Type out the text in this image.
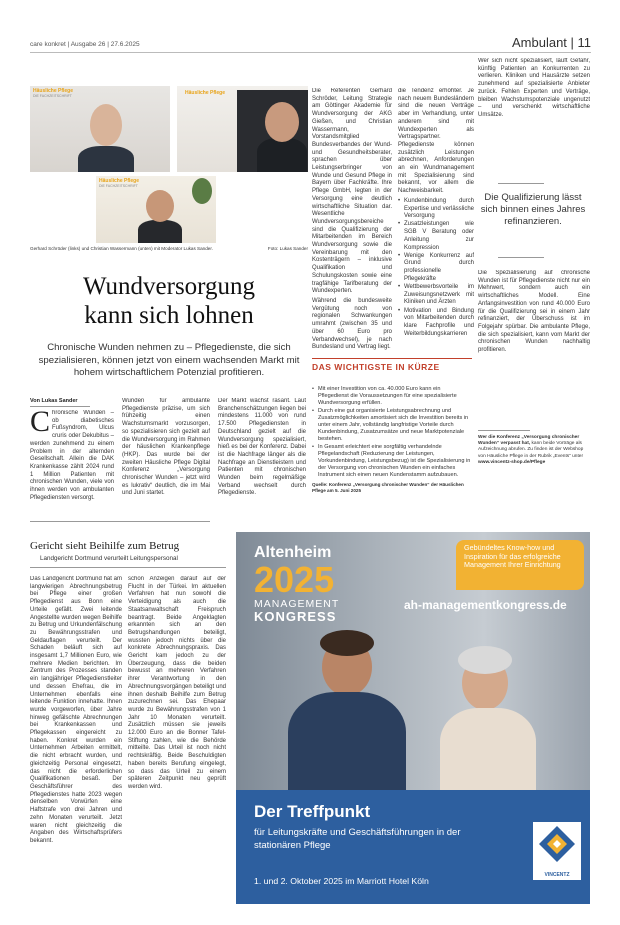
care konkret | Ausgabe 26 | 27.6.2025	Ambulant | 11
Häusliche Pflege
DIE FACHZEITSCHRIFT	Häusliche Pflege
Häusliche Pflege
DIE FACHZEITSCHRIFT
Gerhard Schröder (links) und Christian Wassermann (unten) mit Moderator Lukas Sander.	Foto: Lukas Sander
Wundversorgung
kann sich lohnen
Chronische Wunden nehmen zu – Pflegedienste, die sich spezialisieren, können jetzt von einem wachsenden Markt mit hohem wirtschaftlichem Potenzial profitieren.
Von Lukas Sander
C hronische Wunden – ob diabetisches Fußsyndrom, Ulcus cruris oder Dekubitus – werden zunehmend zu einem Problem in der alternden Gesellschaft. Allein die DAK Krankenkasse zählt 2024 rund 1 Million Patienten mit chronischen Wunden, viele von ihnen werden von ambulanten Pflegediensten versorgt.
Wunden für ambulante Pflegedienste präzise, um sich frühzeitig einen Wachstumsmarkt vorzusorgen, so spezialisieren sich gezielt auf die Wundversorgung im Rahmen der häuslichen Krankenpflege (HKP). Das wurde bei der zweiten Häusliche Pflege Digital Konferenz „Versorgung chronischer Wunden – jetzt wird es lukrativ“ deutlich, die im Mai und Juni startet.
Der Markt wächst rasant. Laut Branchenschätzungen liegen bei mindestens 11.000 von rund 17.500 Pflegediensten in Deutschland gezielt auf die Wundversorgung spezialisiert, hieß es bei der Konferenz. Dabei ist die Nachfrage länger als die Nachfrage an Dienstleistern und Patienten mit chronischen Wunden beim regelmäßige Verband wechselt durch Pflegedienste.
Die Referenten Gerhard Schröder, Leitung Strategie am Göttinger Akademie für Wundversorgung der AKG Gießen, und Christian Wassermann, Vorstandsmitglied Bundesverbandes der Wund- und Gesundheitsberater, sprachen über Leistungserbringer von Wunde und Gesund Pflege in Bayern über Fachkräfte. Ihre Pflege GmbH, legten in der Versorgung eine deutlich wirtschaftliche Situation dar. Wesentliche Wundversorgungsbereiche sind die Qualifizierung der Mitarbeitenden im Bereich Wundversorgung sowie die Vereinbarung mit den Kostenträgern – inklusive Qualifikation und Schulungskosten sowie eine tragfähige Tarifberatung der Wundexperten.
Während die bundesweite Vergütung noch von regionalen Schwankungen umrahmt (zwischen 35 und über 60 Euro pro Verbandwechsel), je nach Bundesland und Vertrag liegt.
die Tendenz erhöhter. Je nach neuem Bundesländern sind die neuen Verträge aber im Verhandlung, unter anderem sind mit Wundexperten als Vertragspartner. Pflegedienste können zusätzlich Leistungen abrechnen, Anforderungen an ein Wundmanagement mit Spezialisierung sind bekannt, vor allem die Nachweisbarkeit.
• Kundenbindung durch Expertise und verlässliche Versorgung
• Zusatzleistungen wie SGB V Beratung oder Anleitung zur Kompression
• Wenige Konkurrenz auf Grund durch professionelle Pflegekräfte
• Wettbewerbsvorteile im Zuweisungsnetzwerk mit Kliniken und Ärzten
• Motivation und Bindung von Mitarbeitenden durch klare Fachprofile und Weiterbildungskarrieren
Wer sich nicht spezialisiert, läuft Gefahr, künftig Patienten an Konkurrenten zu verlieren. Kliniken und Hausärzte setzen zunehmend auf spezialisierte Anbieter zurück. Fehlen Experten und Verträge, bleiben Wachstumspotenziale ungenutzt – und verschenkt wirtschaftliche Umsätze.
Die Qualifizierung lässt sich binnen eines Jahres refinanzieren.
Die Spezialisierung auf chronische Wunden ist für Pflegedienste nicht nur ein Mehrwert, sondern auch ein wirtschaftliches Modell. Eine Anfangsinvestition von rund 40.000 Euro für die Qualifizierung sei in einem Jahr refinanziert, der Überschuss ist im Folgejahr spürbar. Die ambulante Pflege, die sich spezialisiert, kann vom Markt der chronischen Wunden nachhaltig profitieren.
DAS WICHTIGSTE IN KÜRZE
• Mit einer Investition von ca. 40.000 Euro kann ein Pflegedienst die Voraussetzungen für eine spezialisierte Wundversorgung erfüllen.
• Durch eine gut organisierte Leistungsabrechnung und Zusatzmöglichkeiten amortisiert sich die Investition bereits in unter einem Jahr, vollständig langfristige Vorteile durch Kundenbindung, Zusatzumsätze und neue Marktpotenziale bestehen.
• In Gesamt erleichtert eine sorgfältig verhandelnde Pflegelandschaft (Reduzierung der Leistungen, Vorkundenbindung, Leistungsbezug) ist die Spezialisierung in der Versorgung von chronischen Wunden ein einfaches Instrument sich einen neuen Kundenstamm aufzubauen.
Quelle: Konferenz „Versorgung chronischer Wunden“ der Häuslichen Pflege am 5. Juni 2025
Wer die Konferenz „Versorgung chronischer Wunden“ verpasst hat, kann beide Vorträge als Aufzeichnung abrufen. Zu finden ist der Webshop von Häusliche Pflege in der Rubrik „Events“ unter www.vincentz-shop.de/Pflege
Gericht sieht Beihilfe zum Betrug
Landgericht Dortmund verurteilt Leitungspersonal
Das Landgericht Dortmund hat am langwierigen Abrechnungsbetrug bei Pflege einer großen Pflegedienst aus Bonn eine Urteile gefällt. Zwei leitende Angestellte wurden wegen Beihilfe zu Betrug und Urkundenfälschung zu Bewährungsstrafen und Geldauflagen verurteilt. Der Schaden beläuft sich auf insgesamt 1,7 Millionen Euro, wie mehrere Medien berichten. Im Zentrum des Prozesses standen ein langjähriger Pflegedienstleiter und dessen Ehefrau, die im Unternehmen ebenfalls eine leitende Funktion innehatte. Ihnen wurde vorgeworfen, über Jahre hinweg gefälschte Abrechnungen bei Krankenkassen und Pflegekassen eingereicht zu haben. Konkret wurden ein Unternehmen Arbeiten ermittelt, die nicht erbracht wurden, und gleichzeitig Personal eingesetzt, das nicht die erforderlichen Qualifikationen besaß. Der Geschäftsführer des Pflegedienstes hatte 2023 wegen denselben Vorwürfen eine Haftstrafe von drei Jahren und zehn Monaten verurteilt. Jetzt waren nicht gleichzeitig die Angaben des Wirtschaftsprüfers bekannt.
schon Anzeigen darauf auf der Flucht in der Türkei. Im aktuellen Verfahren hat nun sowohl die Verteidigung als auch die Staatsanwaltschaft Freispruch beantragt. Beide Angeklagten erkannten sich an den Betrugshandlungen beteiligt, wussten jedoch nichts über die konkrete Abrechnungspraxis. Das Gericht kam jedoch zu der Überzeugung, dass die beiden bewusst an mehreren Verfahren ihrer Verantwortung in den Abrechnungsvorgängen beteiligt und ihnen deshalb Beihilfe zum Betrug zuzurechnen sei. Das Ehepaar wurde zu Bewährungsstrafen von 1 Jahr 10 Monaten verurteilt. Zusätzlich müssen sie jeweils 12.000 Euro an die Bonner Tafel-Stiftung zahlen, wie die Behörde mitteilte. Das Urteil ist noch nicht rechtskräftig. Beide Beschuldigten haben bereits Berufung eingelegt, so dass das Urteil zu einem späteren Zeitpunkt neu geprüft werden wird.
Altenheim
2025
MANAGEMENT
KONGRESS
Gebündeltes Know-how und Inspiration für das erfolgreiche Management Ihrer Einrichtung
ah-managementkongress.de
Der Treffpunkt
für Leitungskräfte und Geschäftsführungen in der stationären Pflege
1. und 2. Oktober 2025 im Marriott Hotel Köln
VINCENTZ
